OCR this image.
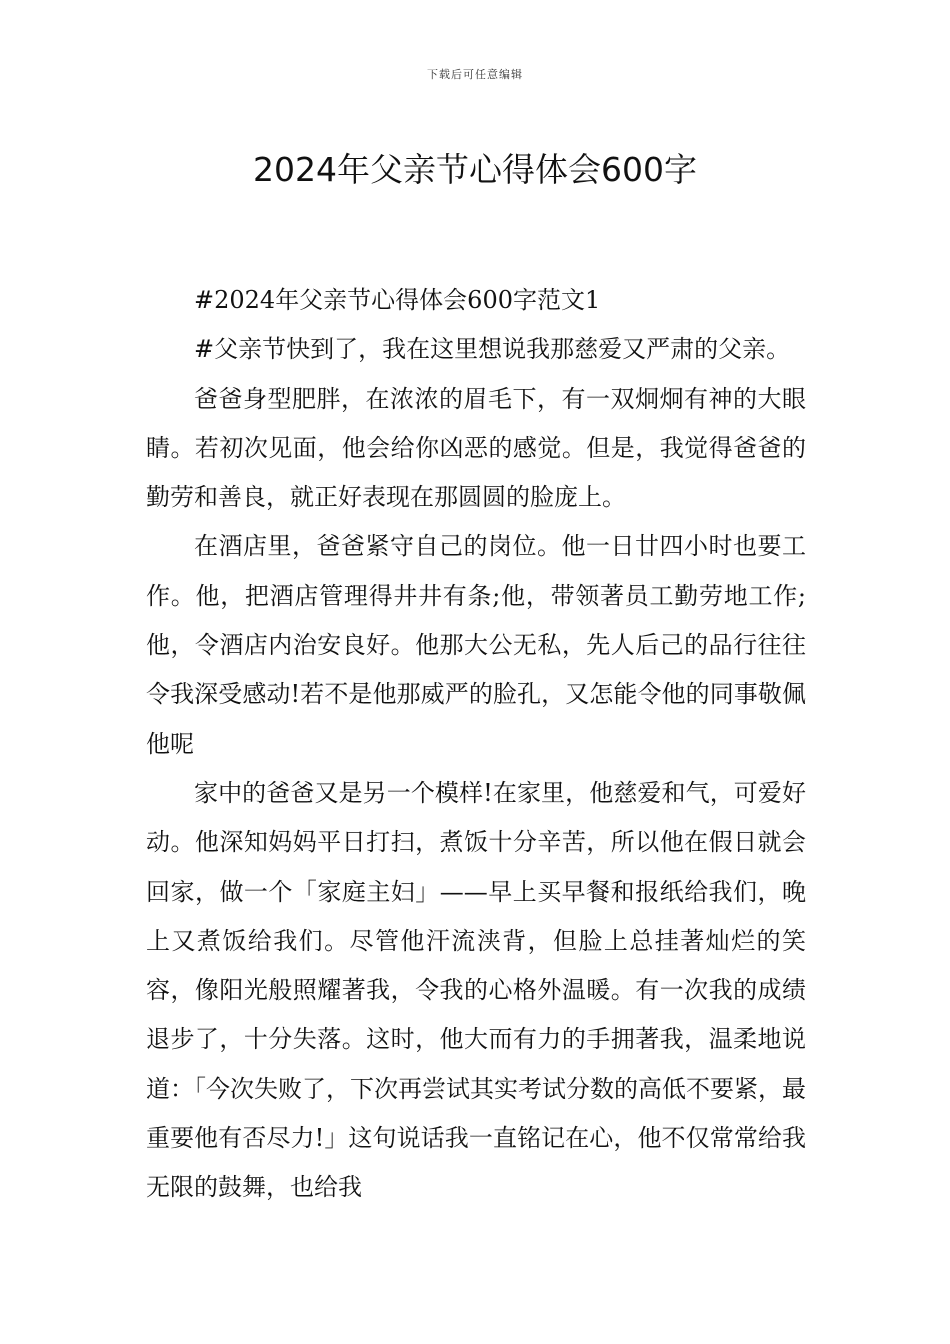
下载后可任意编辑
2024年父亲节心得体会600字

#2024年父亲节心得体会600字范文1

#父亲节快到了，我在这里想说我那慈爱又严肃的父亲。

爸爸身型肥胖，在浓浓的眉毛下，有一双炯炯有神的大眼睛。若初次见面，他会给你凶恶的感觉。但是，我觉得爸爸的勤劳和善良，就正好表现在那圆圆的脸庞上。

在酒店里，爸爸紧守自己的岗位。他一日廿四小时也要工作。他，把酒店管理得井井有条;他，带领著员工勤劳地工作;他，令酒店内治安良好。他那大公无私，先人后己的品行往往令我深受感动!若不是他那威严的脸孔，又怎能令他的同事敬佩他呢

家中的爸爸又是另一个模样!在家里，他慈爱和气，可爱好动。他深知妈妈平日打扫，煮饭十分辛苦，所以他在假日就会回家，做一个「家庭主妇」——早上买早餐和报纸给我们，晚上又煮饭给我们。尽管他汗流浃背，但脸上总挂著灿烂的笑容，像阳光般照耀著我，令我的心格外温暖。有一次我的成绩退步了，十分失落。这时，他大而有力的手拥著我，温柔地说道：「今次失败了，下次再尝试其实考试分数的高低不要紧，最重要他有否尽力!」这句说话我一直铭记在心，他不仅常常给我无限的鼓舞，也给我
